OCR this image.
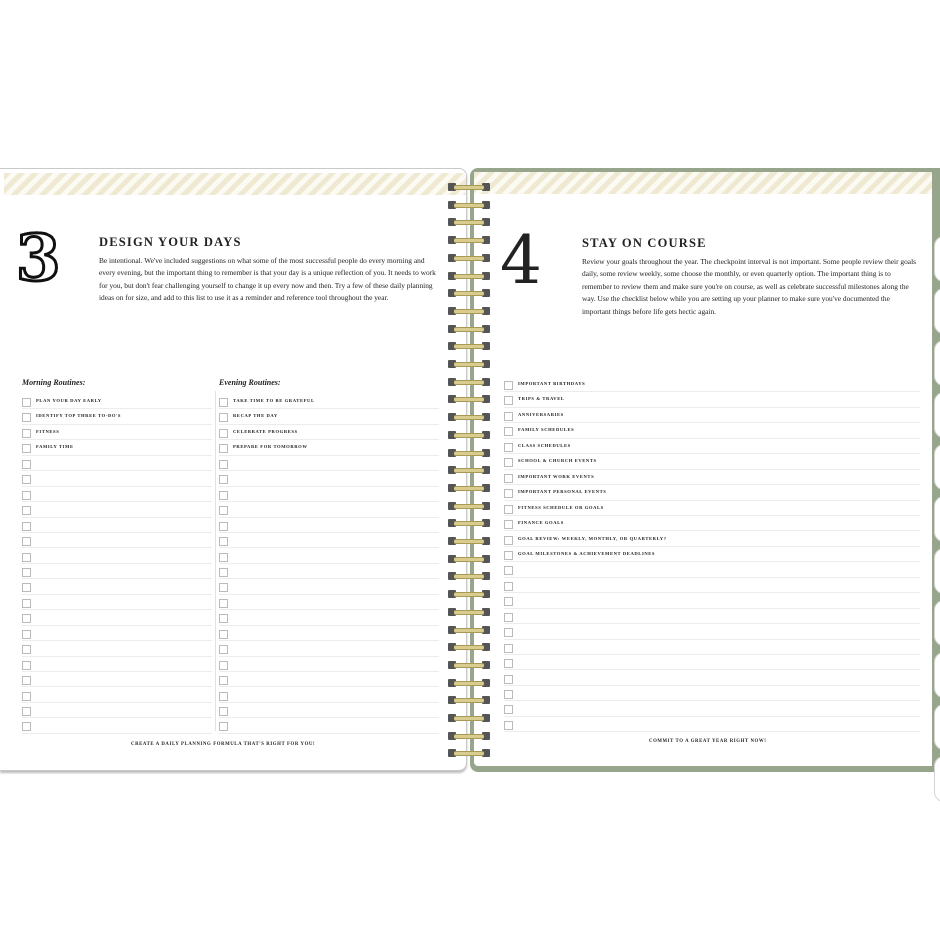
3	DESIGN YOUR DAYS
Be intentional. We've included suggestions on what some of the most successful people do every morning and every evening, but the important thing to remember is that your day is a unique reflection of you. It needs to work for you, but don't fear challenging yourself to change it up every now and then. Try a few of these daily planning ideas on for size, and add to this list to use it as a reminder and reference tool throughout the year.
Morning Routines:	Evening Routines:
PLAN YOUR DAY EARLY
IDENTIFY TOP THREE TO-DO'S
FITNESS
FAMILY TIME
TAKE TIME TO BE GRATEFUL
RECAP THE DAY
CELEBRATE PROGRESS
PREPARE FOR TOMORROW
CREATE A DAILY PLANNING FORMULA THAT'S RIGHT FOR YOU!
4	STAY ON COURSE
Review your goals throughout the year. The checkpoint interval is not important. Some people review their goals daily, some review weekly, some choose the monthly, or even quarterly option. The important thing is to remember to review them and make sure you're on course, as well as celebrate successful milestones along the way. Use the checklist below while you are setting up your planner to make sure you've documented the important things before life gets hectic again.
IMPORTANT BIRTHDAYS
TRIPS & TRAVEL
ANNIVERSARIES
FAMILY SCHEDULES
CLASS SCHEDULES
SCHOOL & CHURCH EVENTS
IMPORTANT WORK EVENTS
IMPORTANT PERSONAL EVENTS
FITNESS SCHEDULE OR GOALS
FINANCE GOALS
GOAL REVIEW: WEEKLY, MONTHLY, OR QUARTERLY?
GOAL MILESTONES & ACHIEVEMENT DEADLINES
COMMIT TO A GREAT YEAR RIGHT NOW!
